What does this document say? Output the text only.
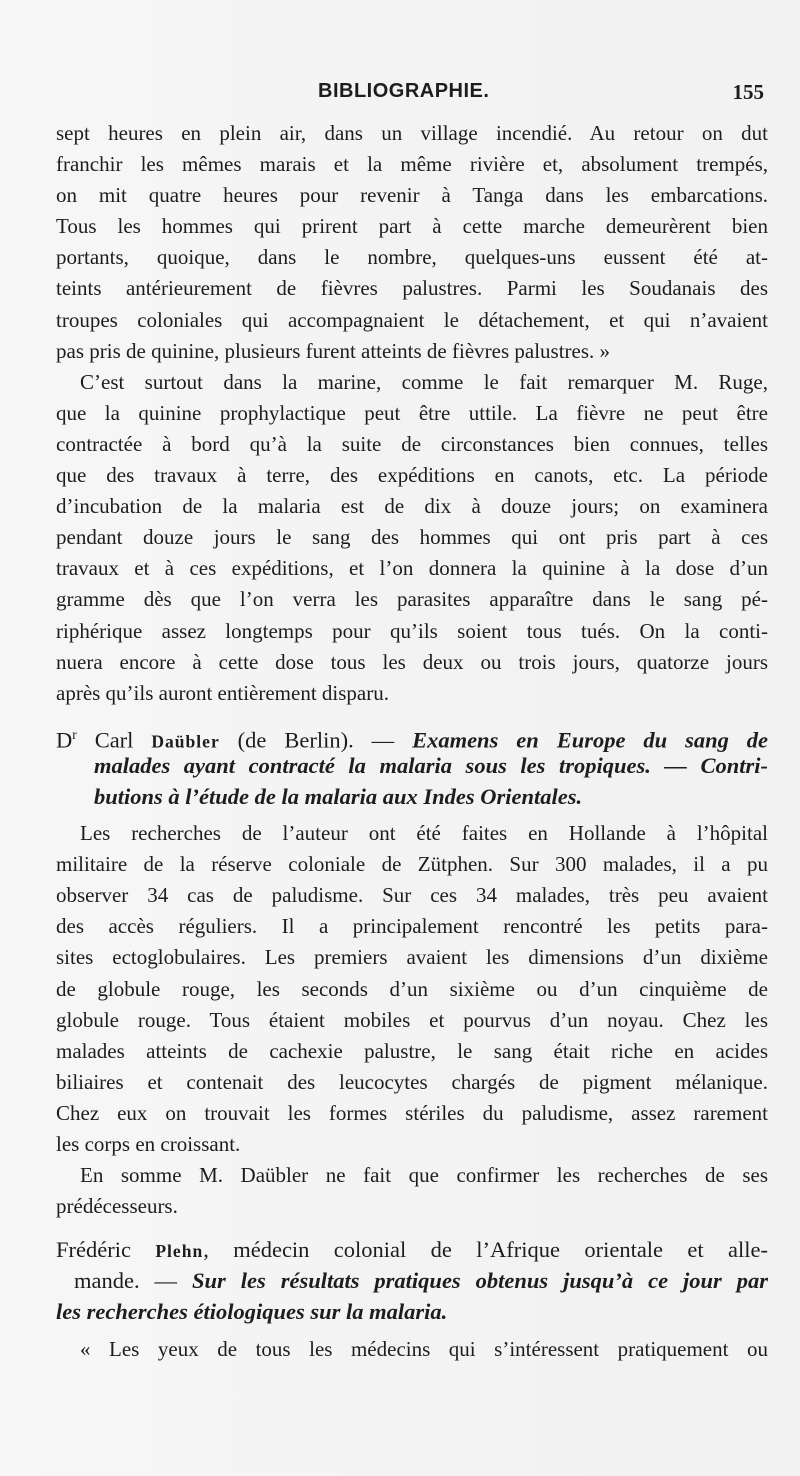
BIBLIOGRAPHIE.	155
sept heures en plein air, dans un village incendié. Au retour on dut
franchir les mêmes marais et la même rivière et, absolument trempés,
on mit quatre heures pour revenir à Tanga dans les embarcations.
Tous les hommes qui prirent part à cette marche demeurèrent bien
portants, quoique, dans le nombre, quelques-uns eussent été at-
teints antérieurement de fièvres palustres. Parmi les Soudanais des
troupes coloniales qui accompagnaient le détachement, et qui n’avaient
pas pris de quinine, plusieurs furent atteints de fièvres palustres. »
C’est surtout dans la marine, comme le fait remarquer M. Ruge,
que la quinine prophylactique peut être uttile. La fièvre ne peut être
contractée à bord qu’à la suite de circonstances bien connues, telles
que des travaux à terre, des expéditions en canots, etc. La période
d’incubation de la malaria est de dix à douze jours; on examinera
pendant douze jours le sang des hommes qui ont pris part à ces
travaux et à ces expéditions, et l’on donnera la quinine à la dose d’un
gramme dès que l’on verra les parasites apparaître dans le sang pé-
riphérique assez longtemps pour qu’ils soient tous tués. On la conti-
nuera encore à cette dose tous les deux ou trois jours, quatorze jours
après qu’ils auront entièrement disparu.
$D^r$ Carl Daübler (de Berlin). — Examens en Europe du sang de
malades ayant contracté la malaria sous les tropiques. — Contri-
butions à l’étude de la malaria aux Indes Orientales.
Les recherches de l’auteur ont été faites en Hollande à l’hôpital
militaire de la réserve coloniale de Zütphen. Sur 300 malades, il a pu
observer 34 cas de paludisme. Sur ces 34 malades, très peu avaient
des accès réguliers. Il a principalement rencontré les petits para-
sites ectoglobulaires. Les premiers avaient les dimensions d’un dixième
de globule rouge, les seconds d’un sixième ou d’un cinquième de
globule rouge. Tous étaient mobiles et pourvus d’un noyau. Chez les
malades atteints de cachexie palustre, le sang était riche en acides
biliaires et contenait des leucocytes chargés de pigment mélanique.
Chez eux on trouvait les formes stériles du paludisme, assez rarement
les corps en croissant.
En somme M. Daübler ne fait que confirmer les recherches de ses
prédécesseurs.
Frédéric Plehn, médecin colonial de l’Afrique orientale et alle-
mande. — Sur les résultats pratiques obtenus jusqu’à ce jour par
les recherches étiologiques sur la malaria.
« Les yeux de tous les médecins qui s’intéressent pratiquement ou
